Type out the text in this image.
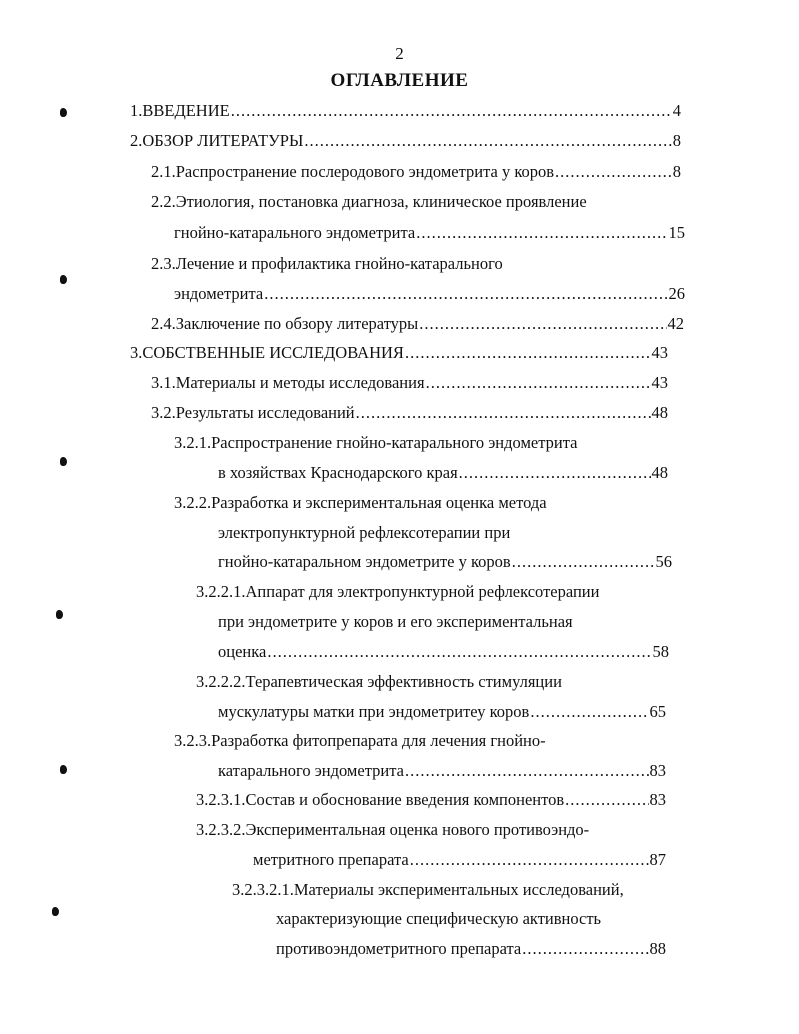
2
ОГЛАВЛЕНИЕ
1.ВВЕДЕНИЕ .....	4
2.ОБЗОР ЛИТЕРАТУРЫ .....	8
2.1.Распространение послеродового эндометрита у коров .....	8
2.2.Этиология, постановка диагноза, клиническое проявление
гнойно-катарального эндометрита .....	15
2.3.Лечение и профилактика гнойно-катарального
эндометрита .....	26
2.4.Заключение по обзору литературы .....	42
3.СОБСТВЕННЫЕ ИССЛЕДОВАНИЯ .....	43
3.1.Материалы и методы исследования .....	43
3.2.Результаты исследований .....	48
3.2.1.Распространение гнойно-катарального эндометрита
в хозяйствах Краснодарского края .....	48
3.2.2.Разработка и экспериментальная оценка метода
электропунктурной рефлексотерапии при
гнойно-катаральном эндометрите у коров .....	56
3.2.2.1.Аппарат для электропунктурной рефлексотерапии
при эндометрите у коров и его экспериментальная
оценка .....	58
3.2.2.2.Терапевтическая эффективность стимуляции
мускулатуры матки при эндометритеу коров .....	65
3.2.3.Разработка фитопрепарата для лечения гнойно-
катарального эндометрита .....	83
3.2.3.1.Состав и обоснование введения компонентов .....	83
3.2.3.2.Экспериментальная оценка нового противоэндо-
метритного препарата .....	87
3.2.3.2.1.Материалы экспериментальных исследований,
характеризующие специфическую активность
противоэндометритного препарата .....	88
